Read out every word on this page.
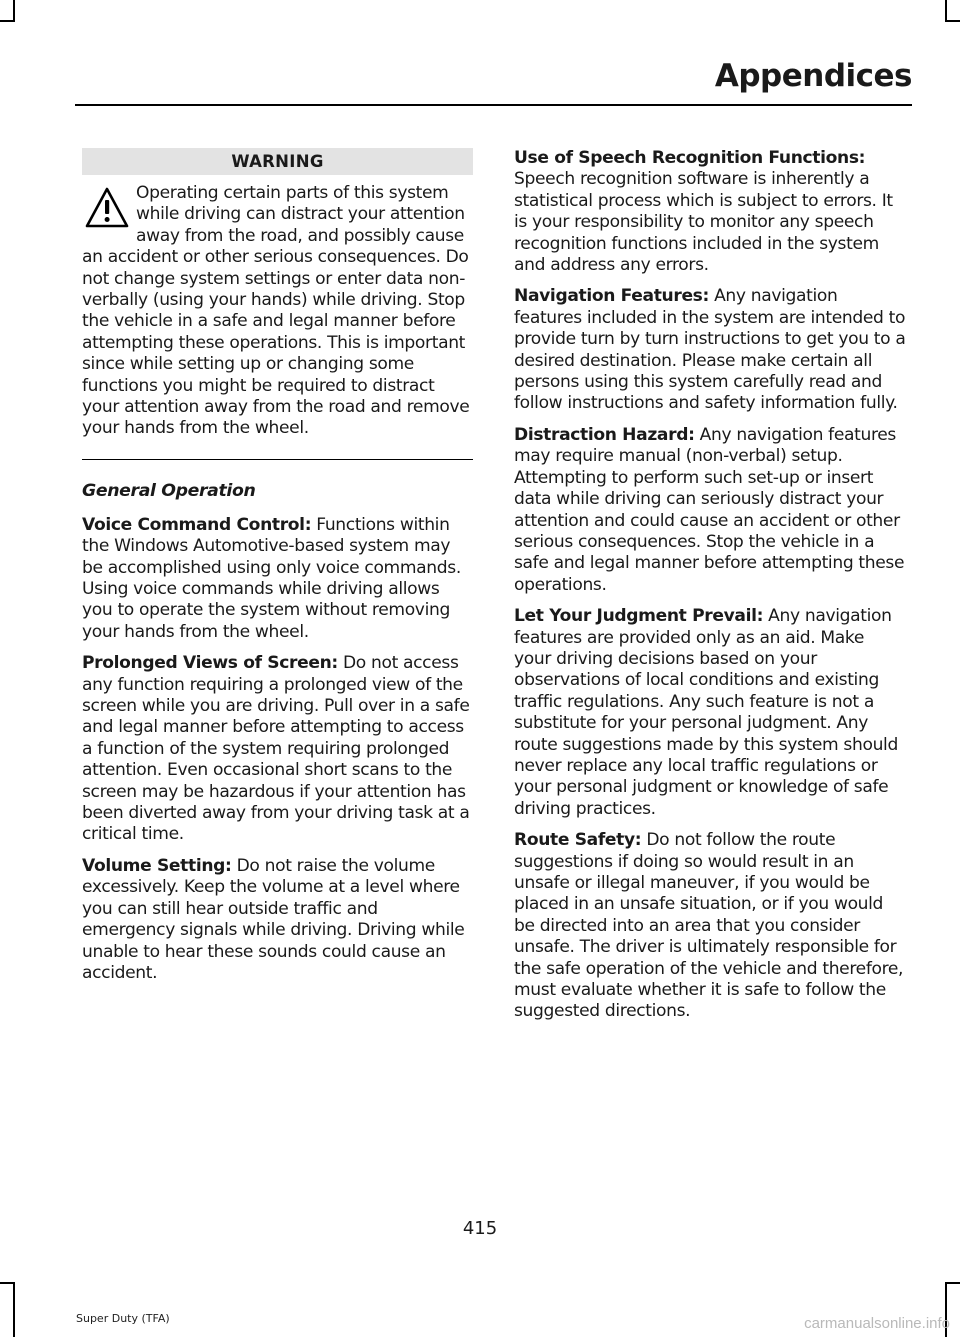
Appendices
WARNING
Operating certain parts of this system while driving can distract your attention away from the road, and possibly cause an accident or other serious consequences. Do not change system settings or enter data non-verbally (using your hands) while driving. Stop the vehicle in a safe and legal manner before attempting these operations. This is important since while setting up or changing some functions you might be required to distract your attention away from the road and remove your hands from the wheel.
General Operation

Voice Command Control: Functions within the Windows Automotive-based system may be accomplished using only voice commands. Using voice commands while driving allows you to operate the system without removing your hands from the wheel.

Prolonged Views of Screen: Do not access any function requiring a prolonged view of the screen while you are driving. Pull over in a safe and legal manner before attempting to access a function of the system requiring prolonged attention. Even occasional short scans to the screen may be hazardous if your attention has been diverted away from your driving task at a critical time.

Volume Setting: Do not raise the volume excessively. Keep the volume at a level where you can still hear outside traffic and emergency signals while driving. Driving while unable to hear these sounds could cause an accident.

Use of Speech Recognition Functions: Speech recognition software is inherently a statistical process which is subject to errors. It is your responsibility to monitor any speech recognition functions included in the system and address any errors.

Navigation Features: Any navigation features included in the system are intended to provide turn by turn instructions to get you to a desired destination. Please make certain all persons using this system carefully read and follow instructions and safety information fully.

Distraction Hazard: Any navigation features may require manual (non-verbal) setup. Attempting to perform such set-up or insert data while driving can seriously distract your attention and could cause an accident or other serious consequences. Stop the vehicle in a safe and legal manner before attempting these operations.

Let Your Judgment Prevail: Any navigation features are provided only as an aid. Make your driving decisions based on your observations of local conditions and existing traffic regulations. Any such feature is not a substitute for your personal judgment. Any route suggestions made by this system should never replace any local traffic regulations or your personal judgment or knowledge of safe driving practices.

Route Safety: Do not follow the route suggestions if doing so would result in an unsafe or illegal maneuver, if you would be placed in an unsafe situation, or if you would be directed into an area that you consider unsafe. The driver is ultimately responsible for the safe operation of the vehicle and therefore, must evaluate whether it is safe to follow the suggested directions.

415
Super Duty (TFA)	carmanualsonline.info
